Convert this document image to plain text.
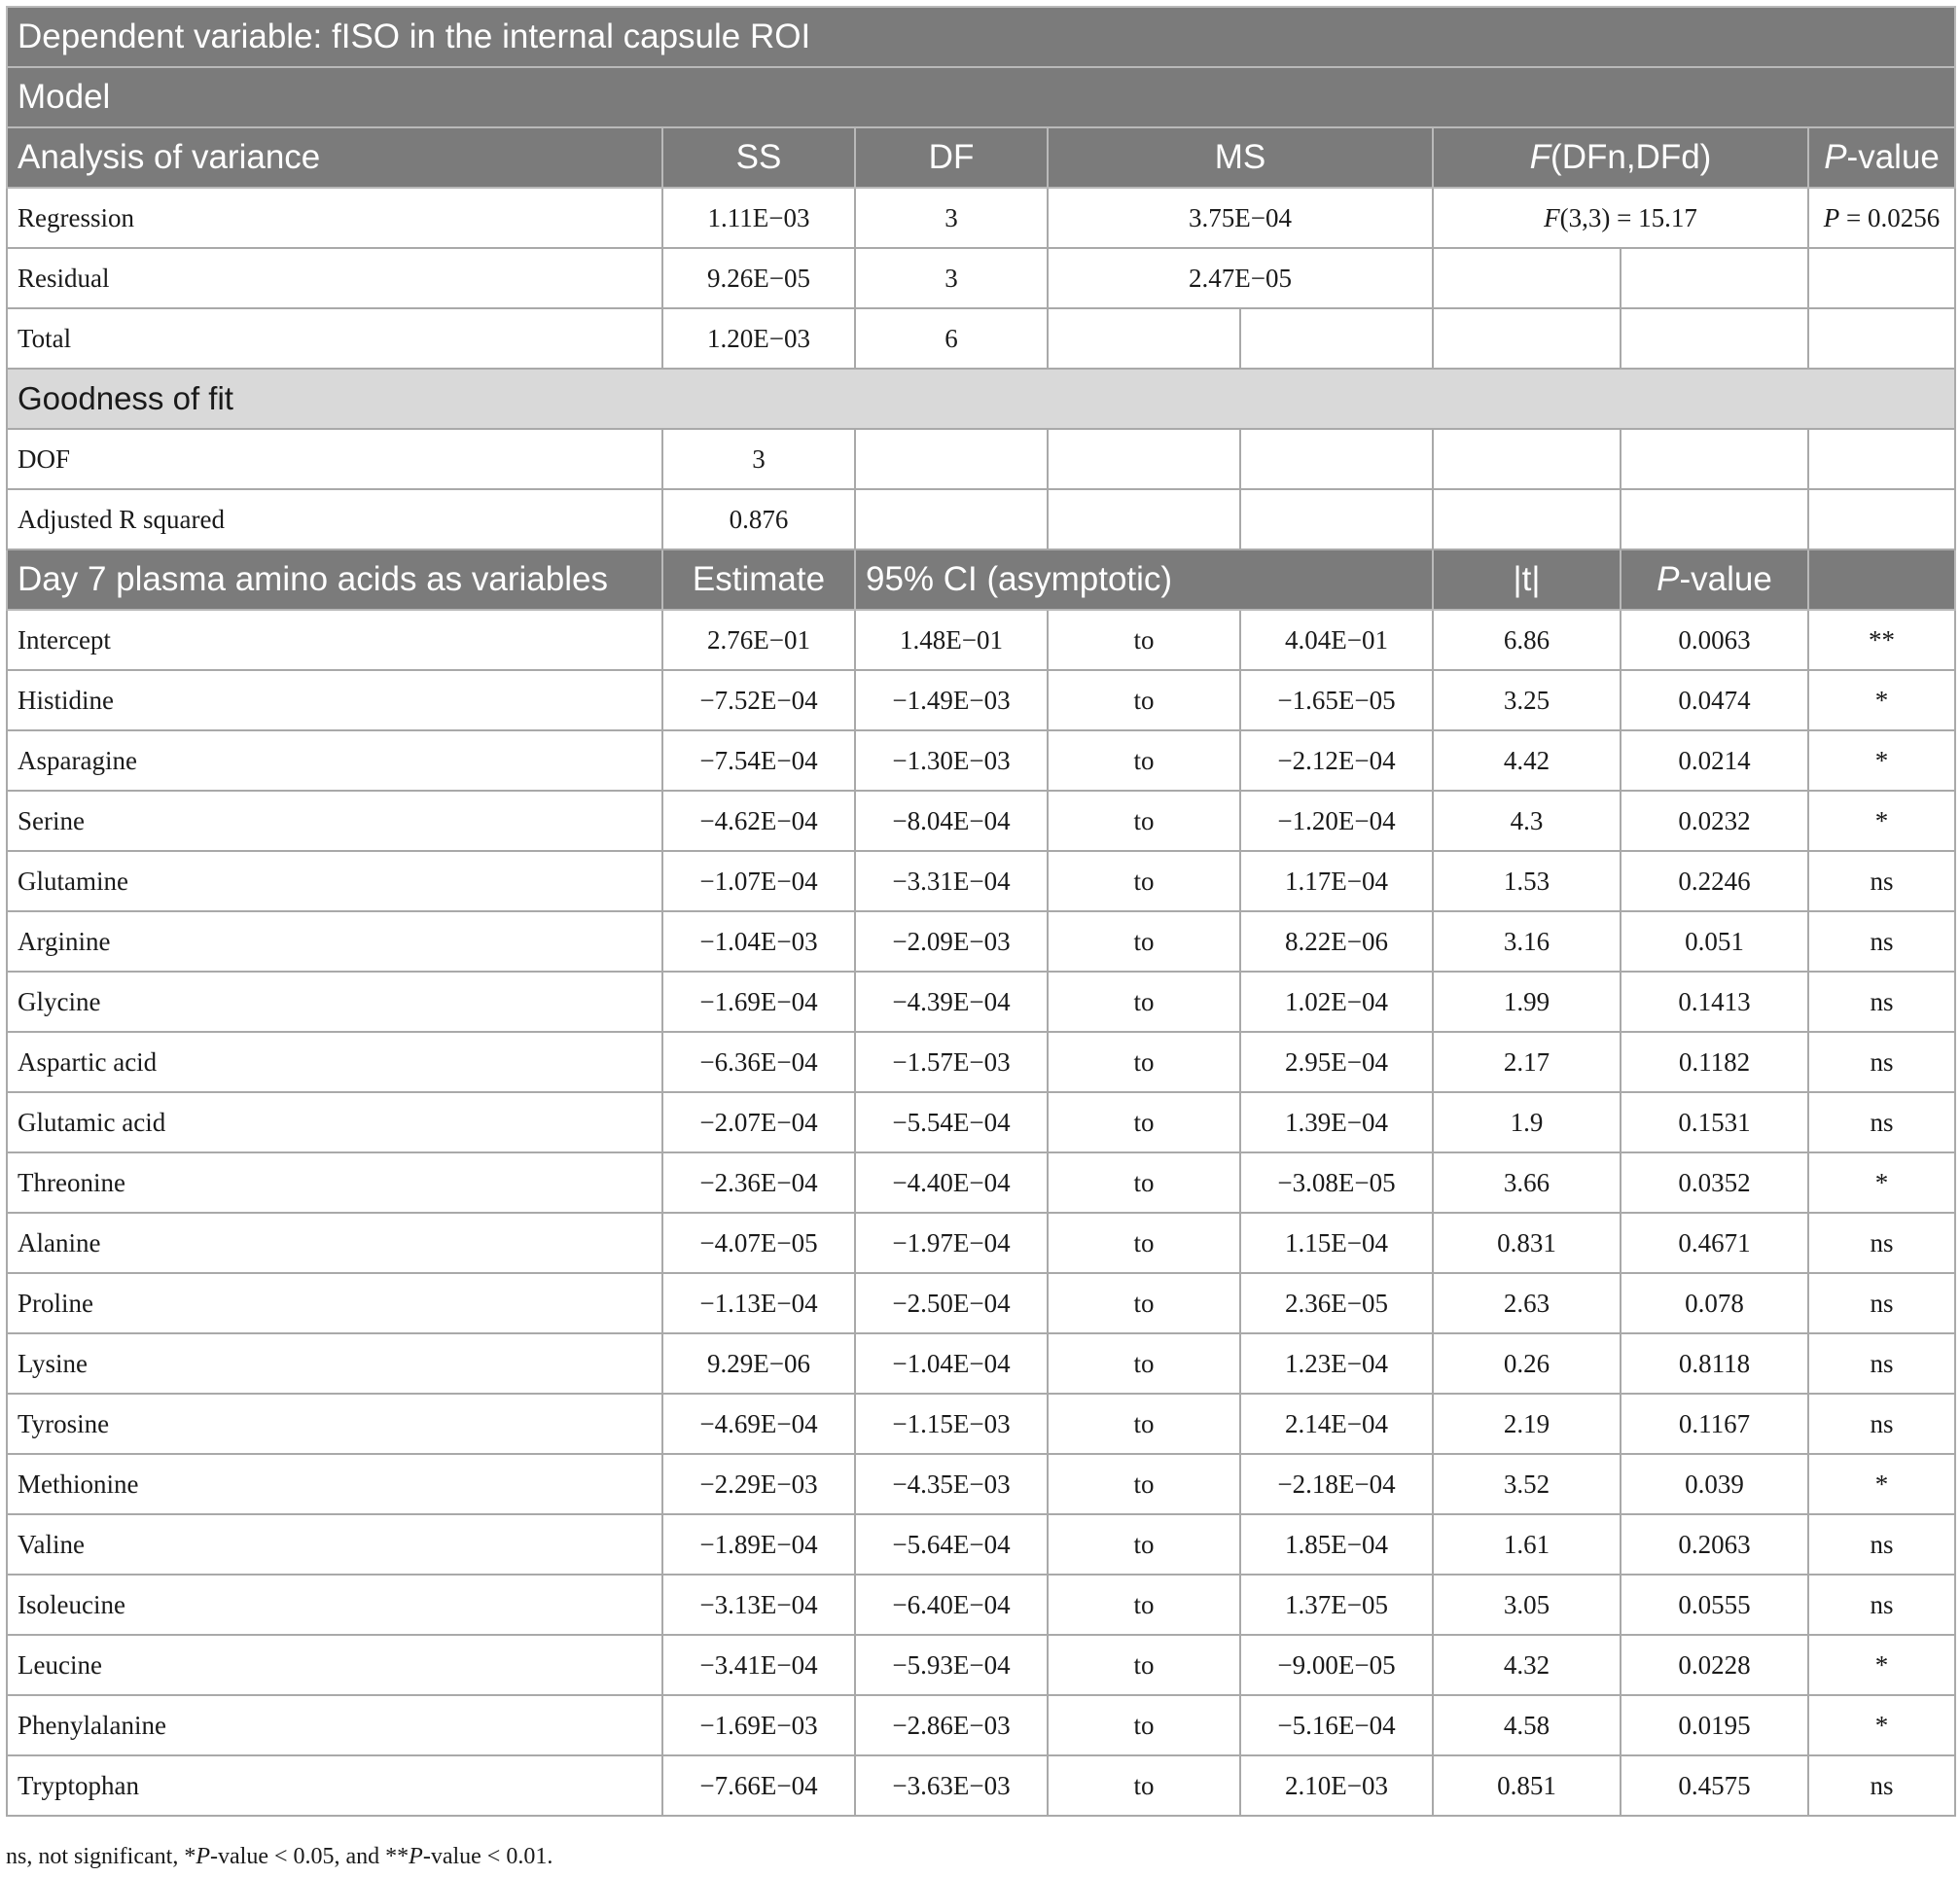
Dependent variable: fISO in the internal capsule ROI							
Model							
Analysis of variance	SS	DF	MS		F(DFn,DFd)		P-value
Regression	1.11E−03	3	3.75E−04		F(3,3) = 15.17		P = 0.0256
Residual	9.26E−05	3	2.47E−05				
Total	1.20E−03	6					
Goodness of fit							
DOF	3						
Adjusted R squared	0.876						
Day 7 plasma amino acids as variables	Estimate	95% CI (asymptotic)			|t|	P-value	
Intercept	2.76E−01	1.48E−01	to	4.04E−01	6.86	0.0063	**
Histidine	−7.52E−04	−1.49E−03	to	−1.65E−05	3.25	0.0474	*
Asparagine	−7.54E−04	−1.30E−03	to	−2.12E−04	4.42	0.0214	*
Serine	−4.62E−04	−8.04E−04	to	−1.20E−04	4.3	0.0232	*
Glutamine	−1.07E−04	−3.31E−04	to	1.17E−04	1.53	0.2246	ns
Arginine	−1.04E−03	−2.09E−03	to	8.22E−06	3.16	0.051	ns
Glycine	−1.69E−04	−4.39E−04	to	1.02E−04	1.99	0.1413	ns
Aspartic acid	−6.36E−04	−1.57E−03	to	2.95E−04	2.17	0.1182	ns
Glutamic acid	−2.07E−04	−5.54E−04	to	1.39E−04	1.9	0.1531	ns
Threonine	−2.36E−04	−4.40E−04	to	−3.08E−05	3.66	0.0352	*
Alanine	−4.07E−05	−1.97E−04	to	1.15E−04	0.831	0.4671	ns
Proline	−1.13E−04	−2.50E−04	to	2.36E−05	2.63	0.078	ns
Lysine	9.29E−06	−1.04E−04	to	1.23E−04	0.26	0.8118	ns
Tyrosine	−4.69E−04	−1.15E−03	to	2.14E−04	2.19	0.1167	ns
Methionine	−2.29E−03	−4.35E−03	to	−2.18E−04	3.52	0.039	*
Valine	−1.89E−04	−5.64E−04	to	1.85E−04	1.61	0.2063	ns
Isoleucine	−3.13E−04	−6.40E−04	to	1.37E−05	3.05	0.0555	ns
Leucine	−3.41E−04	−5.93E−04	to	−9.00E−05	4.32	0.0228	*
Phenylalanine	−1.69E−03	−2.86E−03	to	−5.16E−04	4.58	0.0195	*
Tryptophan	−7.66E−04	−3.63E−03	to	2.10E−03	0.851	0.4575	ns
ns, not significant, *P-value < 0.05, and **P-value < 0.01.
